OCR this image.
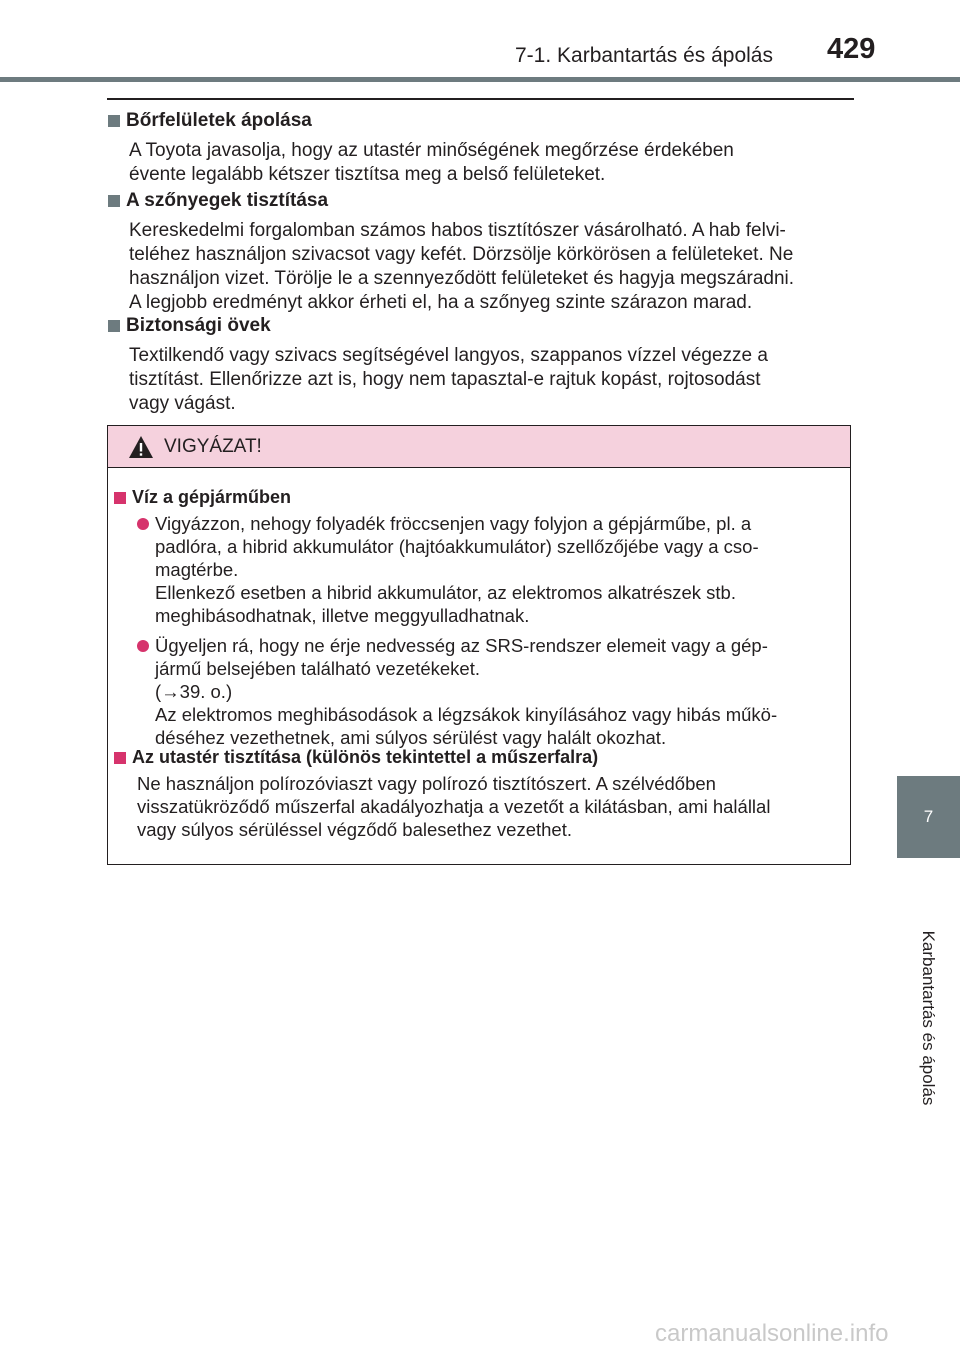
7-1. Karbantartás és ápolás 429
7
Karbantartás és ápolás
Bőrfelületek ápolása
A Toyota javasolja, hogy az utastér minőségének megőrzése érdekében
évente legalább kétszer tisztítsa meg a belső felületeket.
A szőnyegek tisztítása
Kereskedelmi forgalomban számos habos tisztítószer vásárolható. A hab felvi-
teléhez használjon szivacsot vagy kefét. Dörzsölje körkörösen a felületeket. Ne
használjon vizet. Törölje le a szennyeződött felületeket és hagyja megszáradni.
A legjobb eredményt akkor érheti el, ha a szőnyeg szinte szárazon marad.
Biztonsági övek
Textilkendő vagy szivacs segítségével langyos, szappanos vízzel végezze a
tisztítást. Ellenőrizze azt is, hogy nem tapasztal-e rajtuk kopást, rojtosodást
vagy vágást.
VIGYÁZAT!
Víz a gépjárműben
Vigyázzon, nehogy folyadék fröccsenjen vagy folyjon a gépjárműbe, pl. a
padlóra, a hibrid akkumulátor (hajtóakkumulátor) szellőzőjébe vagy a cso-
magtérbe.
Ellenkező esetben a hibrid akkumulátor, az elektromos alkatrészek stb.
meghibásodhatnak, illetve meggyulladhatnak.
Ügyeljen rá, hogy ne érje nedvesség az SRS-rendszer elemeit vagy a gép-
jármű belsejében található vezetékeket.
(→39. o.)
Az elektromos meghibásodások a légzsákok kinyílásához vagy hibás műkö-
déséhez vezethetnek, ami súlyos sérülést vagy halált okozhat.
Az utastér tisztítása (különös tekintettel a műszerfalra)
Ne használjon polírozóviaszt vagy polírozó tisztítószert. A szélvédőben
visszatükröződő műszerfal akadályozhatja a vezetőt a kilátásban, ami halállal
vagy súlyos sérüléssel végződő balesethez vezethet.
carmanualsonline.info
